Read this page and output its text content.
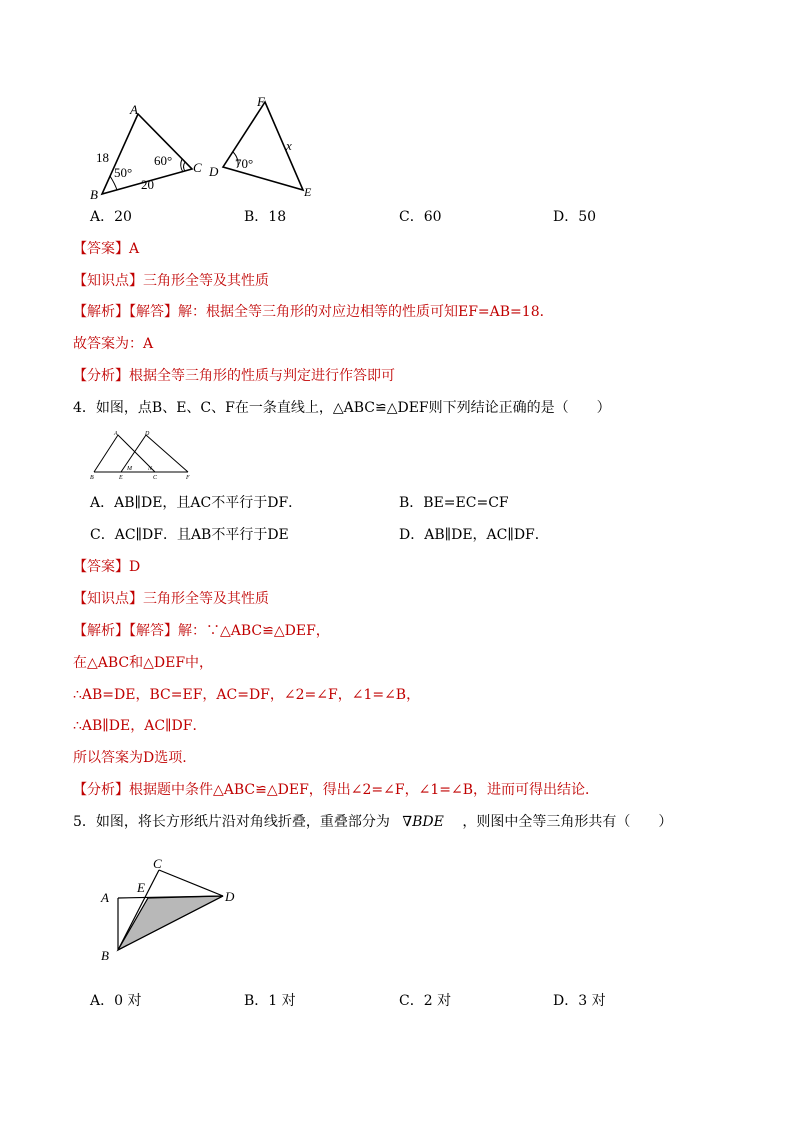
A
B
C
18
20
50°
60°
F
D
E
x
70°
A．20	B．18	C．60	D．50
【答案】A
【知识点】三角形全等及其性质
【解析】【解答】解：根据全等三角形的对应边相等的性质可知EF=AB=18．
故答案为：A
【分析】根据全等三角形的性质与判定进行作答即可
4．如图，点B、E、C、F在一条直线上，△ABC≌△DEF则下列结论正确的是（　　）
A	D
B	E
M
C
N
F
A．AB∥DE，且AC不平行于DF．	B．BE=EC=CF
C．AC∥DF．且AB不平行于DE	D．AB∥DE，AC∥DF．
【答案】D
【知识点】三角形全等及其性质
【解析】【解答】解：∵△ABC≌△DEF，
在△ABC和△DEF中，
∴AB=DE，BC=EF，AC=DF，∠2=∠F，∠1=∠B，
∴AB∥DE，AC∥DF．
所以答案为D选项.
【分析】根据题中条件△ABC≌△DEF，得出∠2=∠F，∠1=∠B，进而可得出结论．
5．如图，将长方形纸片沿对角线折叠，重叠部分为 ∇BDE ，则图中全等三角形共有（　　）
C
E
A	D
B
A．0 对	B．1 对	C．2 对	D．3 对
